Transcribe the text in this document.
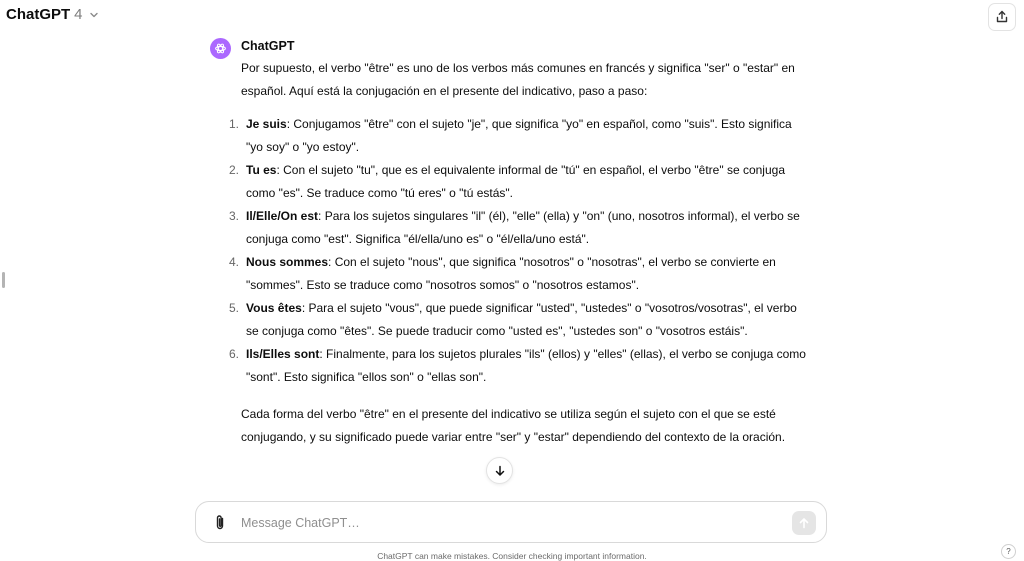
ChatGPT 4
ChatGPT

Por supuesto, el verbo "être" es uno de los verbos más comunes en francés y significa "ser" o "estar" en español. Aquí está la conjugación en el presente del indicativo, paso a paso:

1. Je suis: Conjugamos "être" con el sujeto "je", que significa "yo" en español, como "suis". Esto significa "yo soy" o "yo estoy".
2. Tu es: Con el sujeto "tu", que es el equivalente informal de "tú" en español, el verbo "être" se conjuga como "es". Se traduce como "tú eres" o "tú estás".
3. Il/Elle/On est: Para los sujetos singulares "il" (él), "elle" (ella) y "on" (uno, nosotros informal), el verbo se conjuga como "est". Significa "él/ella/uno es" o "él/ella/uno está".
4. Nous sommes: Con el sujeto "nous", que significa "nosotros" o "nosotras", el verbo se convierte en "sommes". Esto se traduce como "nosotros somos" o "nosotros estamos".
5. Vous êtes: Para el sujeto "vous", que puede significar "usted", "ustedes" o "vosotros/vosotras", el verbo se conjuga como "êtes". Se puede traducir como "usted es", "ustedes son" o "vosotros estáis".
6. Ils/Elles sont: Finalmente, para los sujetos plurales "ils" (ellos) y "elles" (ellas), el verbo se conjuga como "sont". Esto significa "ellos son" o "ellas son".

Cada forma del verbo "être" en el presente del indicativo se utiliza según el sujeto con el que se esté conjugando, y su significado puede variar entre "ser" y "estar" dependiendo del contexto de la oración.

Message ChatGPT…
ChatGPT can make mistakes. Consider checking important information.	?
